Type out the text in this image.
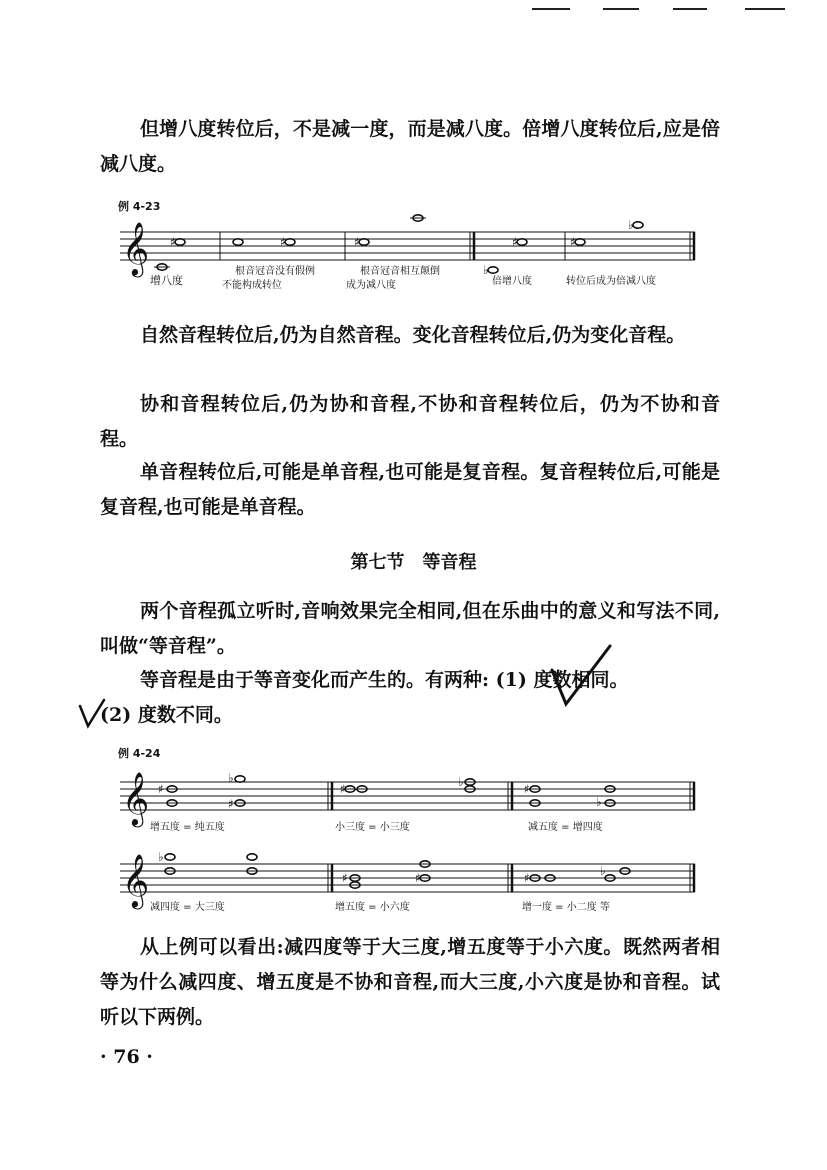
但增八度转位后，不是减一度，而是减八度。倍增八度转位后,应是倍减八度。

例 4-23
𝄞 ♯	♯	♯
♭
♯	♯
♭
增八度
根音冠音没有假例
不能构成转位
根音冠音相互颠倒
成为减八度	倍增八度	转位后成为倍减八度

自然音程转位后,仍为自然音程。变化音程转位后,仍为变化音程。

协和音程转位后,仍为协和音程,不协和音程转位后，仍为不协和音程。

单音程转位后,可能是单音程,也可能是复音程。复音程转位后,可能是复音程,也可能是单音程。

第七节　等音程

两个音程孤立听时,音响效果完全相同,但在乐曲中的意义和写法不同,叫做“等音程”。

等音程是由于等音变化而产生的。有两种: (1) 度数相同。

(2) 度数不同。

例 4-24
𝄞 ♯
♭
♯
♯	♭	♯
♭
增五度 = 纯五度	小三度 = 小三度	减五度 = 增四度
𝄞 ♭
♯	♯	♯	♭
减四度 = 大三度	增五度 = 小六度	增一度 = 小二度 等

从上例可以看出:减四度等于大三度,增五度等于小六度。既然两者相等为什么减四度、增五度是不协和音程,而大三度,小六度是协和音程。试听以下两例。

· 76 ·
